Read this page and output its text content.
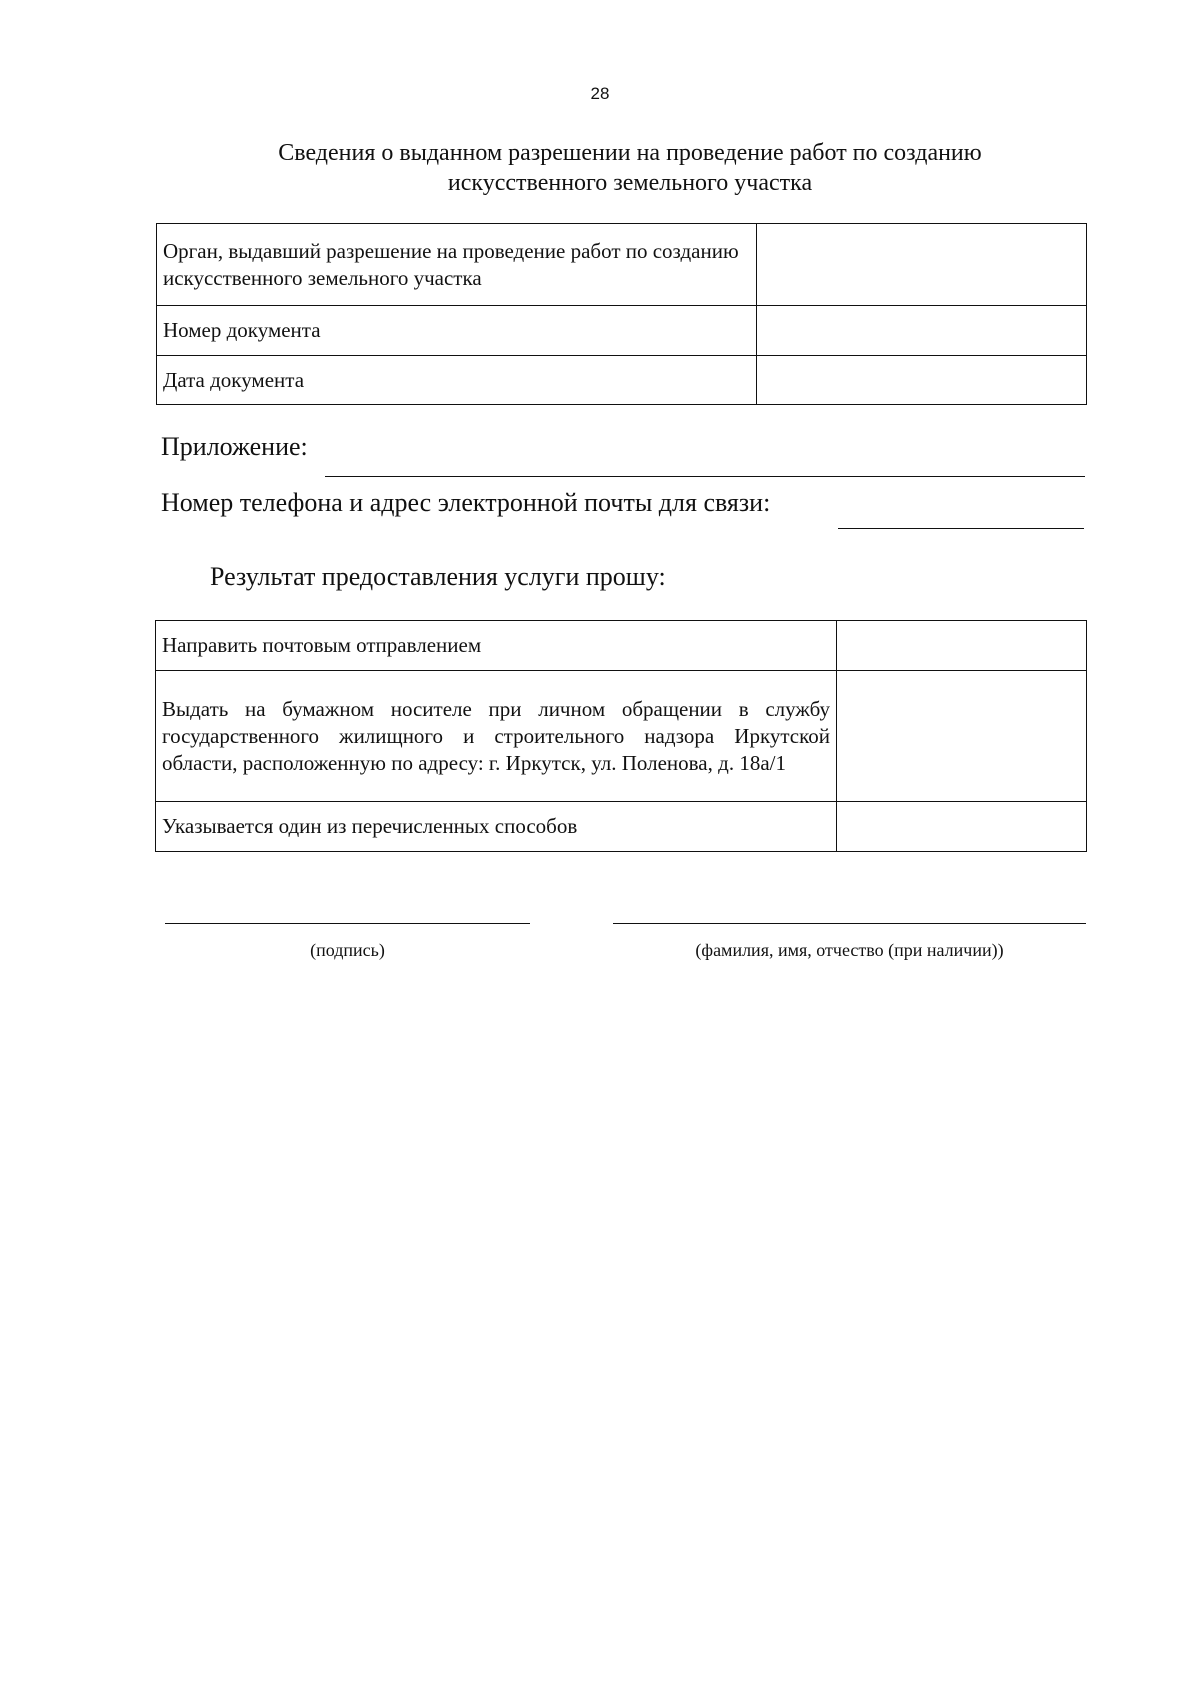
28
Сведения о выданном разрешении на проведение работ по созданию искусственного земельного участка
Орган, выдавший разрешение на проведение работ по созданию искусственного земельного участка	
Номер документа	
Дата документа	
Приложение:
Номер телефона и адрес электронной почты для связи:
Результат предоставления услуги прошу:
Направить почтовым отправлением	
Выдать на бумажном носителе при личном обращении в службу государственного жилищного и строительного надзора Иркутской области, расположенную по адресу: г. Иркутск, ул. Поленова, д. 18а/1	
Указывается один из перечисленных способов	
(подпись)	(фамилия, имя, отчество (при наличии))
